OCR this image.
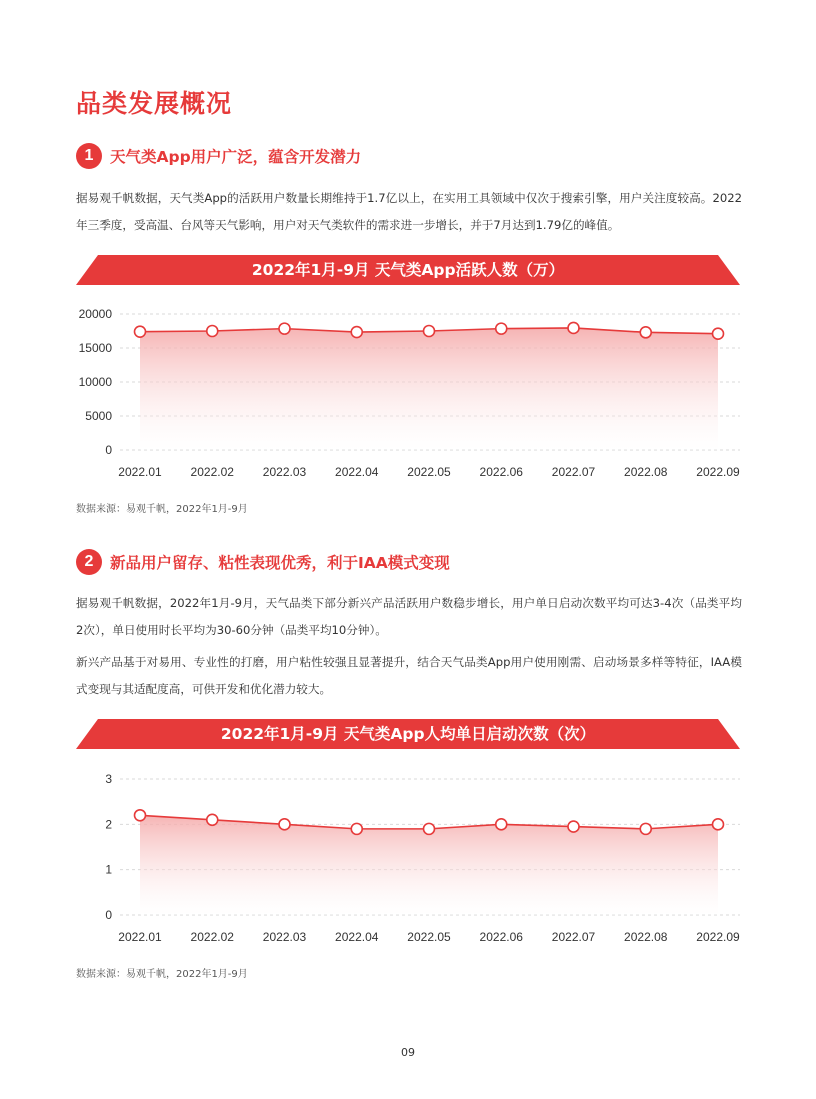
品类发展概况
1	天气类App用户广泛，蕴含开发潜力

据易观千帆数据，天气类App的活跃用户数量长期维持于1.7亿以上，在实用工具领域中仅次于搜索引擎，用户关注度较高。2022年三季度，受高温、台风等天气影响，用户对天气类软件的需求进一步增长，并于7月达到1.79亿的峰值。

2022年1月-9月 天气类App活跃人数（万）
0
5000
10000
15000
20000
2022.01 2022.02 2022.03 2022.04 2022.05 2022.06 2022.07 2022.08 2022.09
数据来源：易观千帆，2022年1月-9月
2	新品用户留存、粘性表现优秀，利于IAA模式变现

据易观千帆数据，2022年1月-9月，天气品类下部分新兴产品活跃用户数稳步增长，用户单日启动次数平均可达3-4次（品类平均2次），单日使用时长平均为30-60分钟（品类平均10分钟）。

新兴产品基于对易用、专业性的打磨，用户粘性较强且显著提升，结合天气品类App用户使用刚需、启动场景多样等特征，IAA模式变现与其适配度高，可供开发和优化潜力较大。

2022年1月-9月 天气类App人均单日启动次数（次）
0
1
2
3
2022.01 2022.02 2022.03 2022.04 2022.05 2022.06 2022.07 2022.08 2022.09
数据来源：易观千帆，2022年1月-9月
09
